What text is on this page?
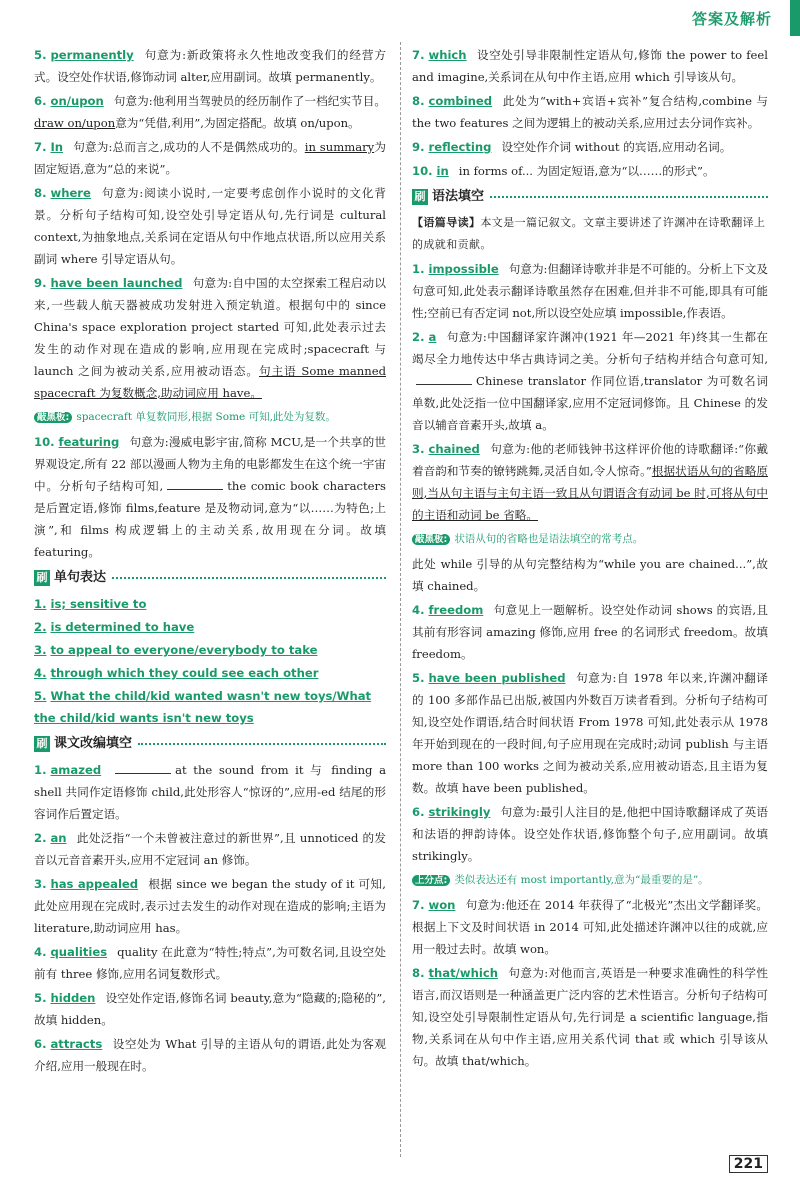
答案及解析

5. permanently 句意为:新政策将永久性地改变我们的经营方式。设空处作状语,修饰动词 alter,应用副词。故填 permanently。

6. on/upon 句意为:他利用当驾驶员的经历制作了一档纪实节目。draw on/upon意为“凭借,利用”,为固定搭配。故填 on/upon。

7. In 句意为:总而言之,成功的人不是偶然成功的。in summary为固定短语,意为“总的来说”。

8. where 句意为:阅读小说时,一定要考虑创作小说时的文化背景。分析句子结构可知,设空处引导定语从句,先行词是 cultural context,为抽象地点,关系词在定语从句中作地点状语,所以应用关系副词 where 引导定语从句。

9. have been launched 句意为:自中国的太空探索工程启动以来,一些载人航天器被成功发射进入预定轨道。根据句中的 since China's space exploration project started 可知,此处表示过去发生的动作对现在造成的影响,应用现在完成时;spacecraft 与 launch 之间为被动关系,应用被动语态。句主语 Some manned spacecraft 为复数概念,助动词应用 have。

敲黑板: spacecraft 单复数同形,根据 Some 可知,此处为复数。

10. featuring 句意为:漫威电影宇宙,简称 MCU,是一个共享的世界观设定,所有 22 部以漫画人物为主角的电影都发生在这个统一宇宙中。分析句子结构可知,	the comic book characters 是后置定语,修饰 films,feature 是及物动词,意为“以……为特色;上演”,和 films 构成逻辑上的主动关系,故用现在分词。故填 featuring。

刷 单句表达

1. is; sensitive to

2. is determined to have

3. to appeal to everyone/everybody to take

4. through which they could see each other

5. What the child/kid wanted wasn't new toys/What the child/kid wants isn't new toys

刷 课文改编填空

1. amazed	at the sound from it 与 finding a shell 共同作定语修饰 child,此处形容人“惊讶的”,应用-ed 结尾的形容词作后置定语。

2. an 此处泛指“一个未曾被注意过的新世界”,且 unnoticed 的发音以元音音素开头,应用不定冠词 an 修饰。

3. has appealed 根据 since we began the study of it 可知,此处应用现在完成时,表示过去发生的动作对现在造成的影响;主语为 literature,助动词应用 has。

4. qualities quality 在此意为“特性;特点”,为可数名词,且设空处前有 three 修饰,应用名词复数形式。

5. hidden 设空处作定语,修饰名词 beauty,意为“隐藏的;隐秘的”,故填 hidden。

6. attracts 设空处为 What 引导的主语从句的谓语,此处为客观介绍,应用一般现在时。

7. which 设空处引导非限制性定语从句,修饰 the power to feel and imagine,关系词在从句中作主语,应用 which 引导该从句。

8. combined 此处为“with+宾语+宾补”复合结构,combine 与 the two features 之间为逻辑上的被动关系,应用过去分词作宾补。

9. reflecting 设空处作介词 without 的宾语,应用动名词。

10. in in forms of... 为固定短语,意为“以……的形式”。

刷 语法填空

【语篇导读】本文是一篇记叙文。文章主要讲述了许渊冲在诗歌翻译上的成就和贡献。

1. impossible 句意为:但翻译诗歌并非是不可能的。分析上下文及句意可知,此处表示翻译诗歌虽然存在困难,但并非不可能,即具有可能性;空前已有否定词 not,所以设空处应填 impossible,作表语。

2. a 句意为:中国翻译家许渊冲(1921 年—2021 年)终其一生都在竭尽全力地传达中华古典诗词之美。分析句子结构并结合句意可知,Chinese translator 作同位语,translator 为可数名词单数,此处泛指一位中国翻译家,应用不定冠词修饰。且 Chinese 的发音以辅音音素开头,故填 a。

3. chained 句意为:他的老师钱钟书这样评价他的诗歌翻译:“你戴着音韵和节奏的镣铐跳舞,灵活自如,令人惊奇。”根据状语从句的省略原则,当从句主语与主句主语一致且从句谓语含有动词 be 时,可将从句中的主语和动词 be 省略。

敲黑板: 状语从句的省略也是语法填空的常考点。

此处 while 引导的从句完整结构为“while you are chained...”,故填 chained。

4. freedom 句意见上一题解析。设空处作动词 shows 的宾语,且其前有形容词 amazing 修饰,应用 free 的名词形式 freedom。故填 freedom。

5. have been published 句意为:自 1978 年以来,许渊冲翻译的 100 多部作品已出版,被国内外数百万读者看到。分析句子结构可知,设空处作谓语,结合时间状语 From 1978 可知,此处表示从 1978 年开始到现在的一段时间,句子应用现在完成时;动词 publish 与主语 more than 100 works 之间为被动关系,应用被动语态,且主语为复数。故填 have been published。

6. strikingly 句意为:最引人注目的是,他把中国诗歌翻译成了英语和法语的押韵诗体。设空处作状语,修饰整个句子,应用副词。故填 strikingly。

上分点: 类似表达还有 most importantly,意为“最重要的是”。

7. won 句意为:他还在 2014 年获得了“北极光”杰出文学翻译奖。根据上下文及时间状语 in 2014 可知,此处描述许渊冲以往的成就,应用一般过去时。故填 won。

8. that/which 句意为:对他而言,英语是一种要求准确性的科学性语言,而汉语则是一种涵盖更广泛内容的艺术性语言。分析句子结构可知,设空处引导限制性定语从句,先行词是 a scientific language,指物,关系词在从句中作主语,应用关系代词 that 或 which 引导该从句。故填 that/which。

221
